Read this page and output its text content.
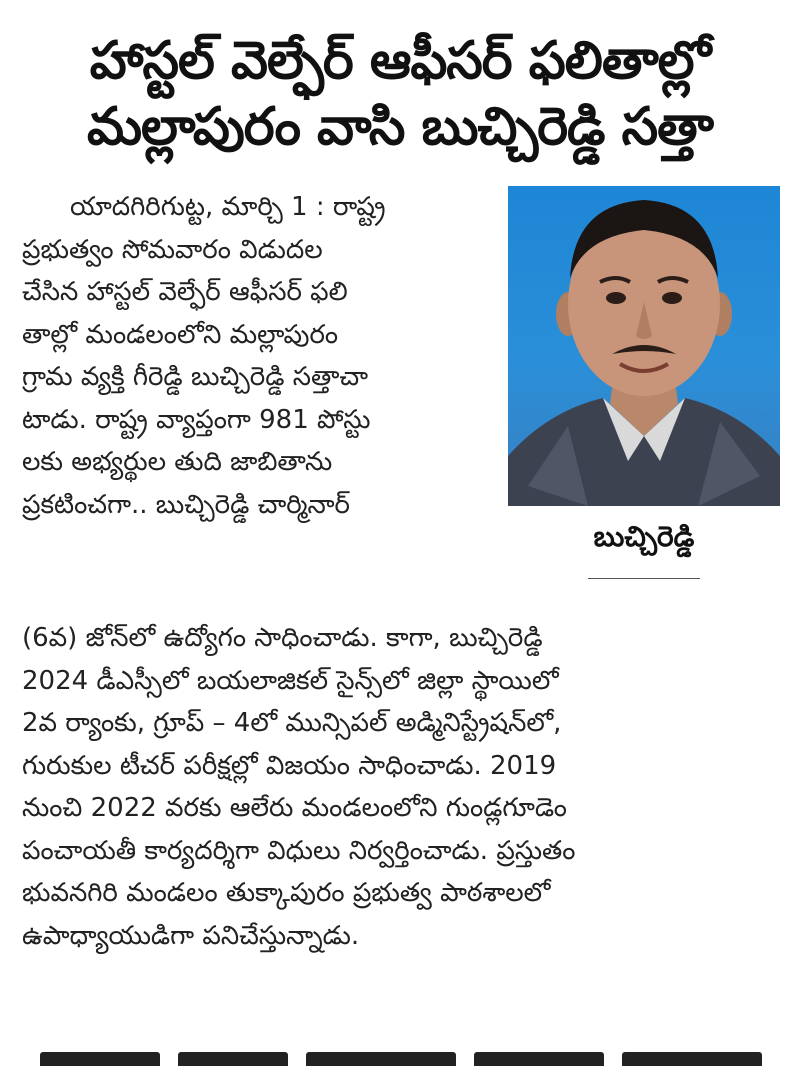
హాస్టల్ వెల్ఫేర్ ఆఫీసర్ ఫలితాల్లో
మల్లాపురం వాసి బుచ్చిరెడ్డి సత్తా
యాదగిరిగుట్ట, మార్చి 1 : రాష్ట్ర
ప్రభుత్వం సోమవారం విడుదల
చేసిన హాస్టల్ వెల్ఫేర్ ఆఫీసర్ ఫలి
తాల్లో మండలంలోని మల్లాపురం
గ్రామ వ్యక్తి గీరెడ్డి బుచ్చిరెడ్డి సత్తాచా
టాడు. రాష్ట్ర వ్యాప్తంగా 981 పోస్టు
లకు అభ్యర్థుల తుది జాబితాను
ప్రకటించగా.. బుచ్చిరెడ్డి చార్మినార్
బుచ్చిరెడ్డి
(6వ) జోన్‌లో ఉద్యోగం సాధించాడు. కాగా, బుచ్చిరెడ్డి
2024 డీఎస్సీలో బయలాజికల్ సైన్స్‌లో జిల్లా స్థాయిలో
2వ ర్యాంకు, గ్రూప్ – 4లో మున్సిపల్ అడ్మినిస్ట్రేషన్‌లో,
గురుకుల టీచర్ పరీక్షల్లో విజయం సాధించాడు. 2019
నుంచి 2022 వరకు ఆలేరు మండలంలోని గుండ్లగూడెం
పంచాయతీ కార్యదర్శిగా విధులు నిర్వర్తించాడు. ప్రస్తుతం
భువనగిరి మండలం తుక్కాపురం ప్రభుత్వ పాఠశాలలో
ఉపాధ్యాయుడిగా పనిచేస్తున్నాడు.
